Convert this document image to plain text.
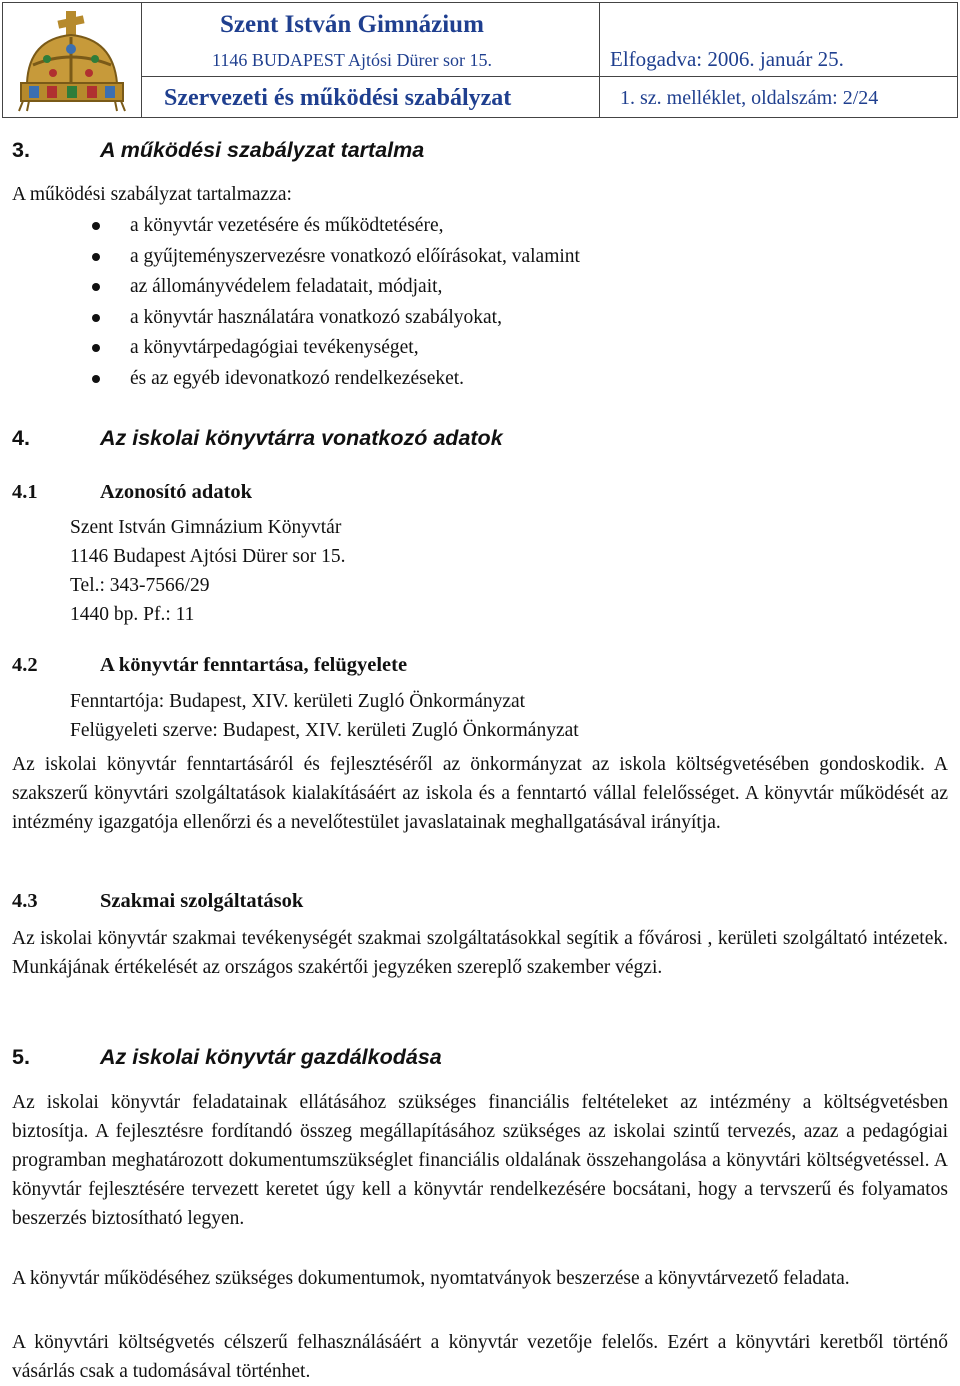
Szent István Gimnázium
1146 BUDAPEST Ajtósi Dürer sor 15.	Elfogadva: 2006. január 25.
Szervezeti és működési szabályzat	1. sz. melléklet, oldalszám: 2/24
3.	A működési szabályzat tartalma
A működési szabályzat tartalmazza:
a könyvtár vezetésére és működtetésére,
a gyűjteményszervezésre vonatkozó előírásokat, valamint
az állományvédelem feladatait, módjait,
a könyvtár használatára vonatkozó szabályokat,
a könyvtárpedagógiai tevékenységet,
és az egyéb idevonatkozó rendelkezéseket.
4.	Az iskolai könyvtárra vonatkozó adatok
4.1	Azonosító adatok
Szent István Gimnázium Könyvtár
1146 Budapest Ajtósi Dürer sor 15.
Tel.: 343-7566/29
1440 bp. Pf.: 11
4.2	A könyvtár fenntartása, felügyelete
Fenntartója: Budapest, XIV. kerületi Zugló Önkormányzat
Felügyeleti szerve: Budapest, XIV. kerületi Zugló Önkormányzat

Az iskolai könyvtár fenntartásáról és fejlesztéséről az önkormányzat az iskola költségvetésében gondoskodik. A szakszerű könyvtári szolgáltatások kialakításáért az iskola és a fenntartó vállal felelősséget. A könyvtár működését az intézmény igazgatója ellenőrzi és a nevelőtestület javaslatainak meghallgatásával irányítja.

4.3	Szakmai szolgáltatások

Az iskolai könyvtár szakmai tevékenységét szakmai szolgáltatásokkal segítik a fővárosi , kerületi szolgáltató intézetek. Munkájának értékelését az országos szakértői jegyzéken szereplő szakember végzi.

5.	Az iskolai könyvtár gazdálkodása

Az iskolai könyvtár feladatainak ellátásához szükséges financiális feltételeket az intézmény a költségvetésben biztosítja. A fejlesztésre fordítandó összeg megállapításához szükséges az iskolai szintű tervezés, azaz a pedagógiai programban meghatározott dokumentumszükséglet financiális oldalának összehangolása a könyvtári költségvetéssel. A könyvtár fejlesztésére tervezett keretet úgy kell a könyvtár rendelkezésére bocsátani, hogy a tervszerű és folyamatos beszerzés biztosítható legyen.

A könyvtár működéséhez szükséges dokumentumok, nyomtatványok beszerzése a könyvtárvezető feladata.

A könyvtári költségvetés célszerű felhasználásáért a könyvtár vezetője felelős. Ezért a könyvtári keretből történő vásárlás csak a tudomásával történhet.
